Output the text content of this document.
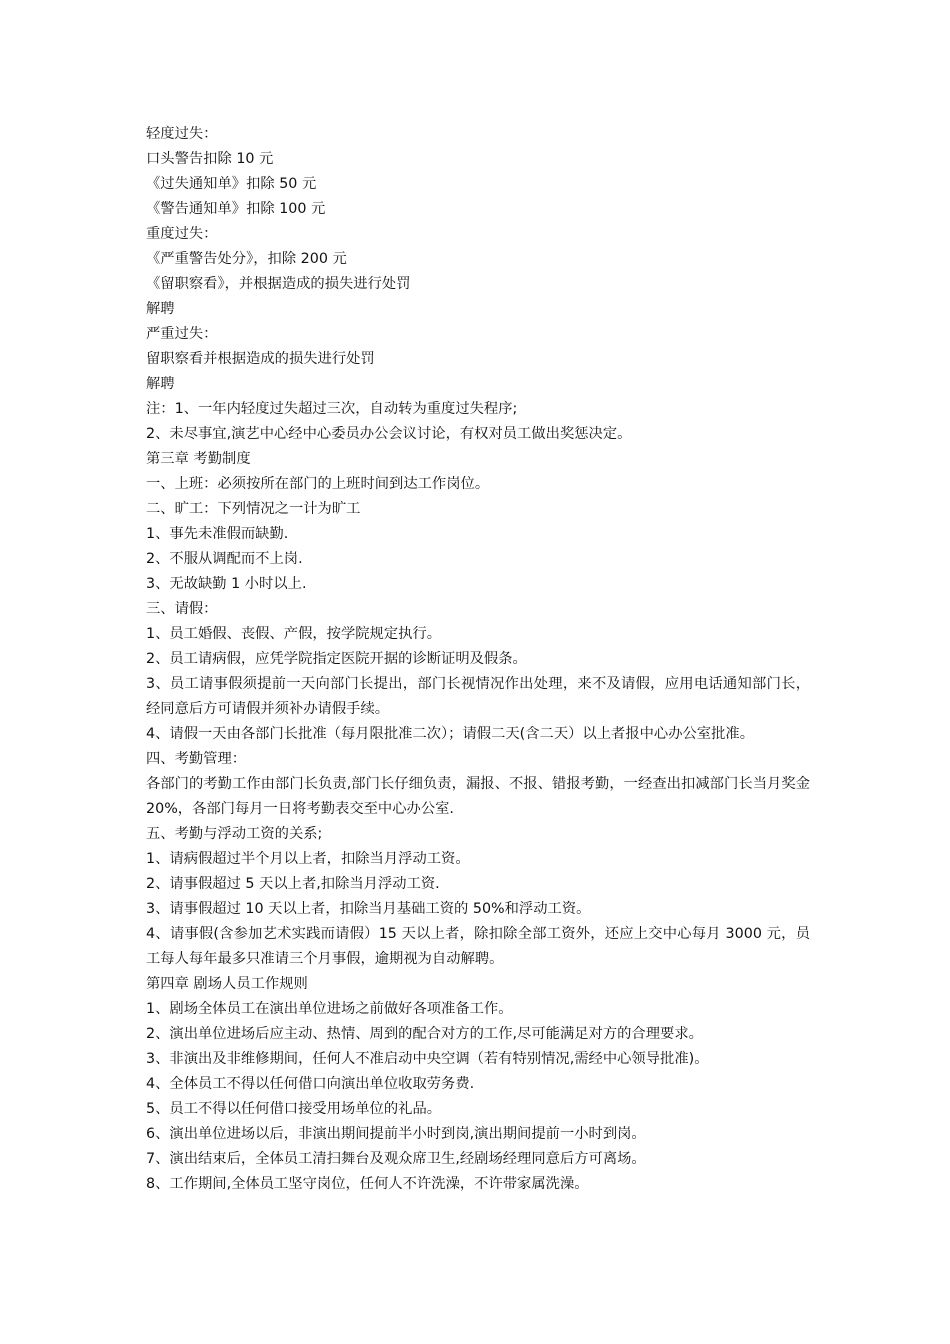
轻度过失：
口头警告扣除 10 元
《过失通知单》扣除 50 元
《警告通知单》扣除 100 元
重度过失：
《严重警告处分》，扣除 200 元
《留职察看》，并根据造成的损失进行处罚
解聘
严重过失：
留职察看并根据造成的损失进行处罚
解聘
注：1、一年内轻度过失超过三次，自动转为重度过失程序;
2、未尽事宜,演艺中心经中心委员办公会议讨论，有权对员工做出奖惩决定。
第三章 考勤制度
一、上班：必须按所在部门的上班时间到达工作岗位。
二、旷工：下列情况之一计为旷工
1、事先未准假而缺勤.
2、不服从调配而不上岗.
3、无故缺勤 1 小时以上.
三、请假：
1、员工婚假、丧假、产假，按学院规定执行。
2、员工请病假，应凭学院指定医院开据的诊断证明及假条。
3、员工请事假须提前一天向部门长提出，部门长视情况作出处理，来不及请假，应用电话通知部门长，经同意后方可请假并须补办请假手续。
4、请假一天由各部门长批准（每月限批准二次）；请假二天(含二天）以上者报中心办公室批准。
四、考勤管理：
各部门的考勤工作由部门长负责,部门长仔细负责，漏报、不报、错报考勤，一经查出扣减部门长当月奖金 20%，各部门每月一日将考勤表交至中心办公室.
五、考勤与浮动工资的关系;
1、请病假超过半个月以上者，扣除当月浮动工资。
2、请事假超过 5 天以上者,扣除当月浮动工资.
3、请事假超过 10 天以上者，扣除当月基础工资的 50%和浮动工资。
4、请事假(含参加艺术实践而请假）15 天以上者，除扣除全部工资外，还应上交中心每月 3000 元，员工每人每年最多只准请三个月事假，逾期视为自动解聘。
第四章 剧场人员工作规则
1、剧场全体员工在演出单位进场之前做好各项准备工作。
2、演出单位进场后应主动、热情、周到的配合对方的工作,尽可能满足对方的合理要求。
3、非演出及非维修期间，任何人不准启动中央空调（若有特别情况,需经中心领导批准)。
4、全体员工不得以任何借口向演出单位收取劳务费.
5、员工不得以任何借口接受用场单位的礼品。
6、演出单位进场以后，非演出期间提前半小时到岗,演出期间提前一小时到岗。
7、演出结束后，全体员工清扫舞台及观众席卫生,经剧场经理同意后方可离场。
8、工作期间,全体员工坚守岗位，任何人不许洗澡，不许带家属洗澡。
